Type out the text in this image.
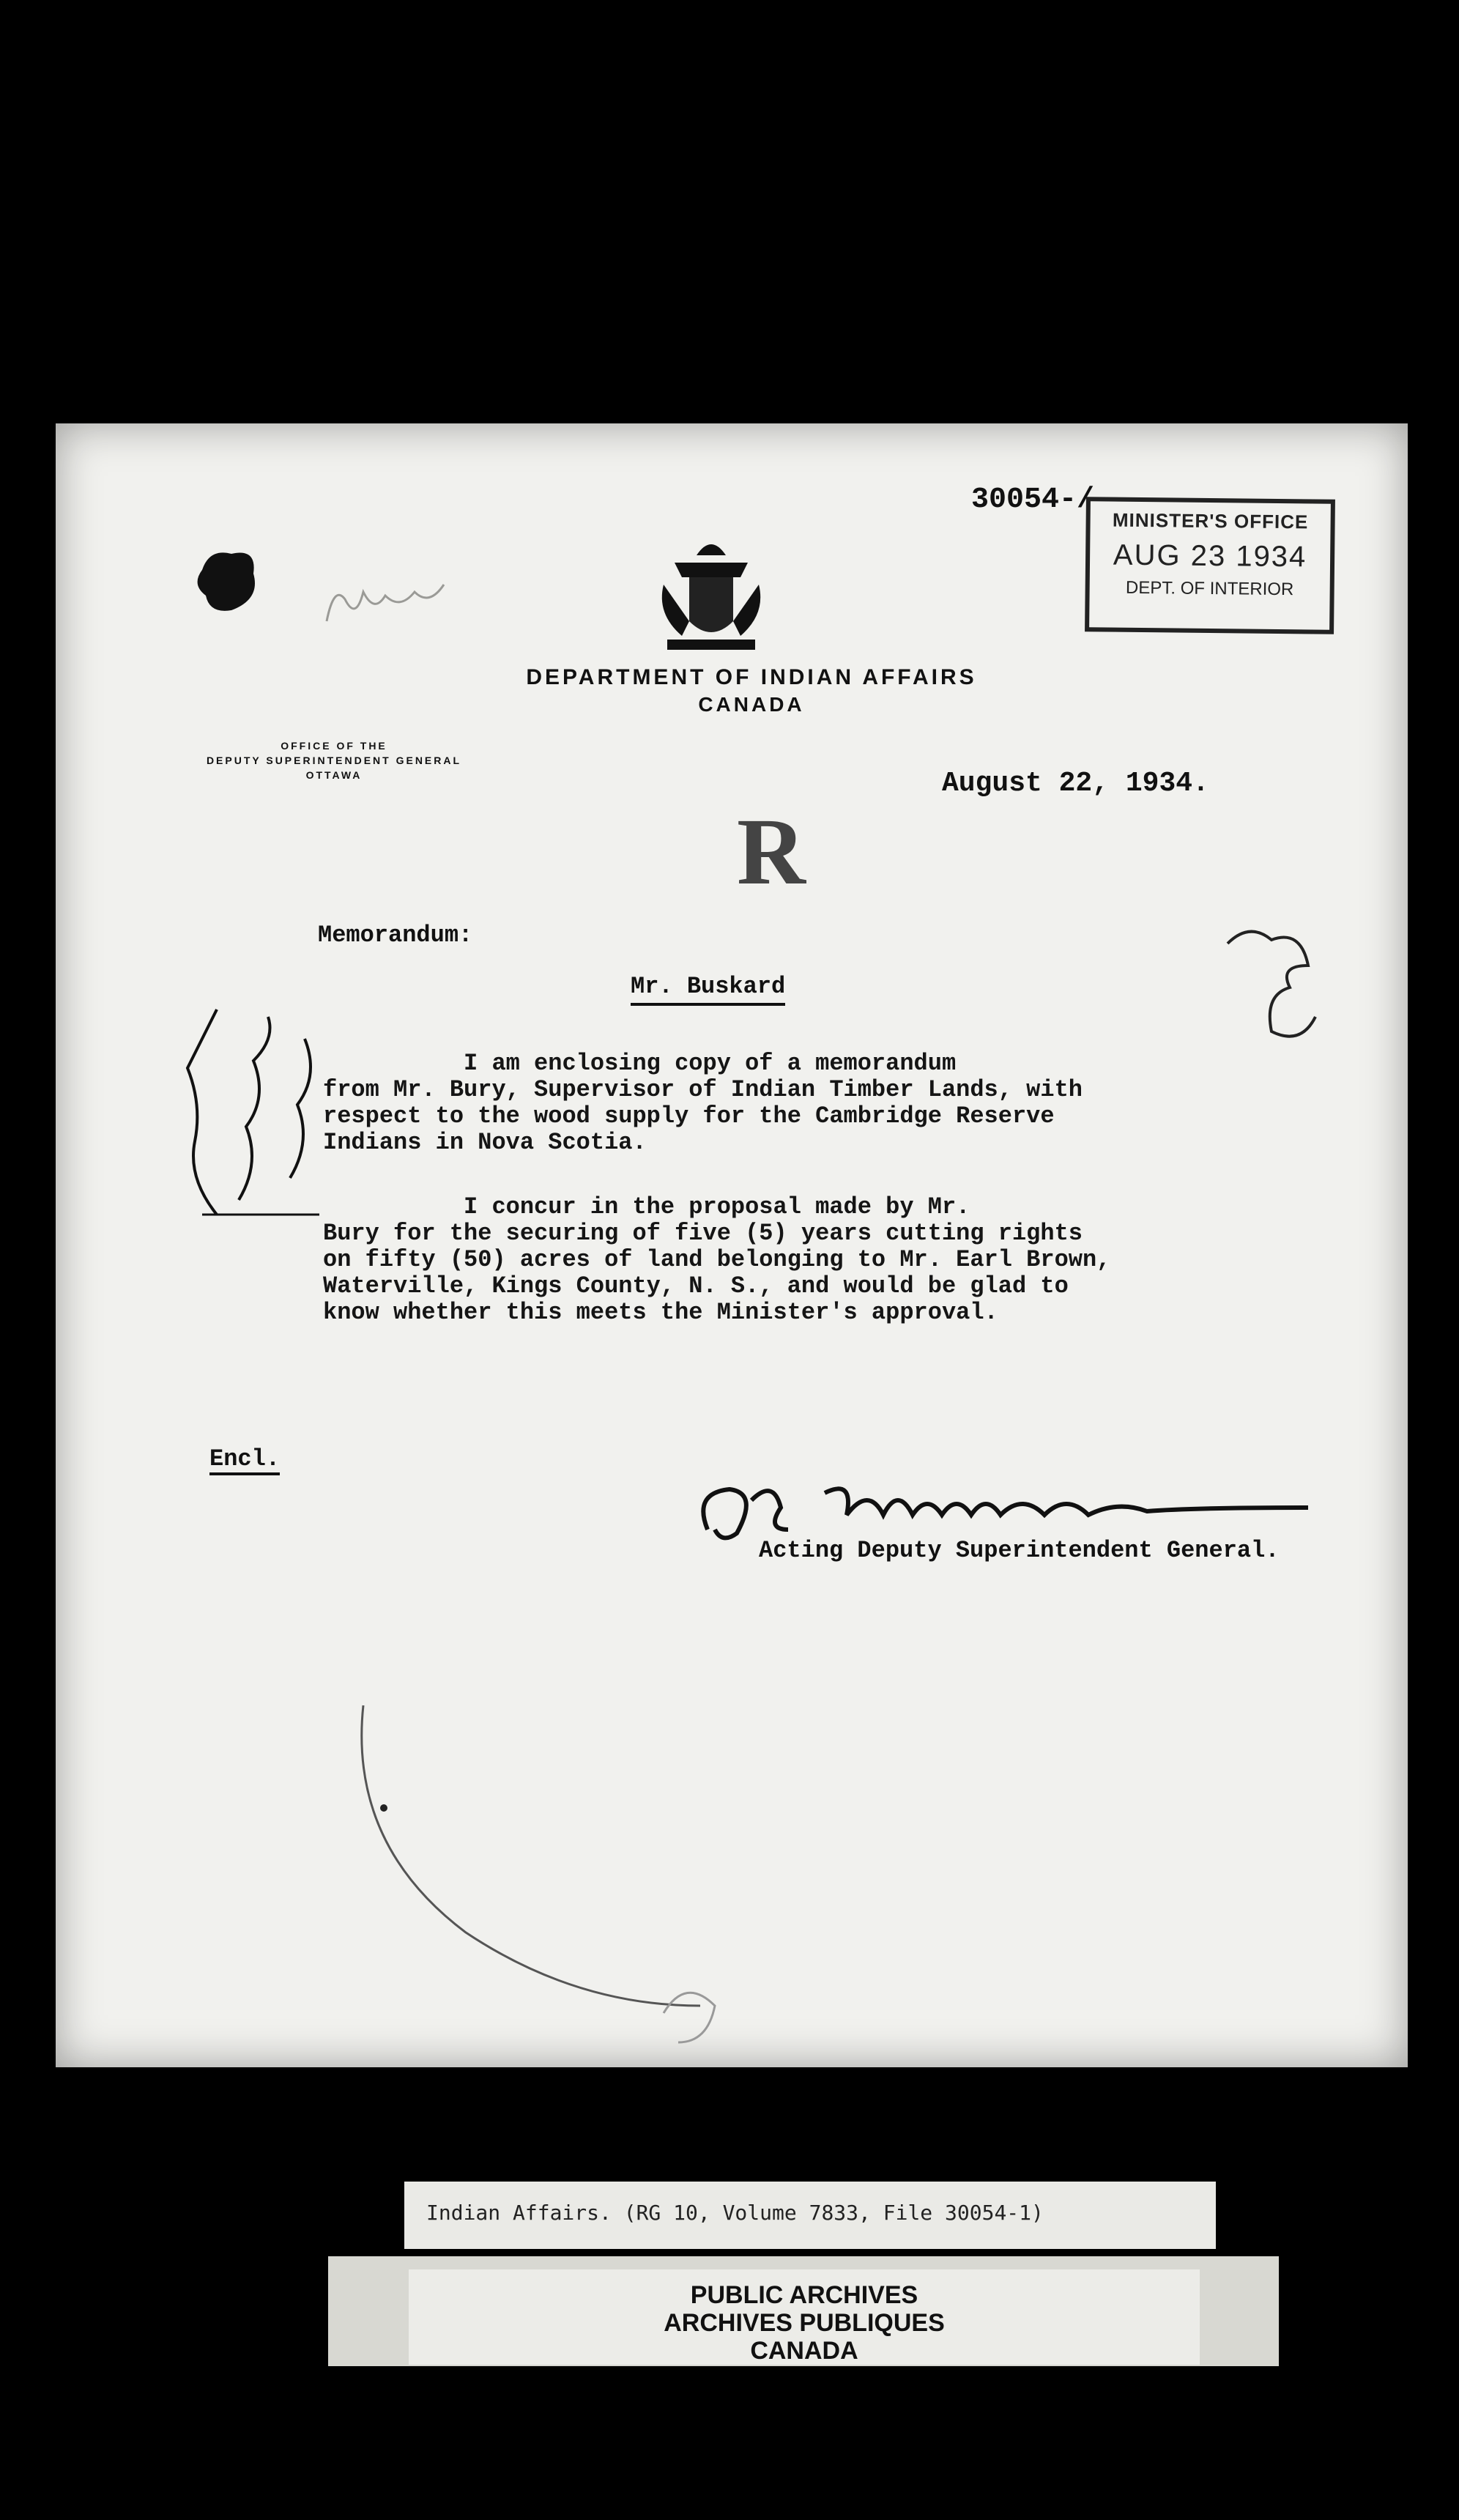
30054-/
MINISTER'S OFFICE
AUG 23 1934
DEPT. OF INTERIOR
DEPARTMENT OF INDIAN AFFAIRS
CANADA
OFFICE OF THE
DEPUTY SUPERINTENDENT GENERAL
OTTAWA	August 22, 1934.
R
Memorandum:
Mr. Buskard
I am enclosing copy of a memorandum
from Mr. Bury, Supervisor of Indian Timber Lands, with
respect to the wood supply for the Cambridge Reserve
Indians in Nova Scotia.
I concur in the proposal made by Mr.
Bury for the securing of five (5) years cutting rights
on fifty (50) acres of land belonging to Mr. Earl Brown,
Waterville, Kings County, N. S., and would be glad to
know whether this meets the Minister's approval.
Encl.
Acting Deputy Superintendent General.
Indian Affairs. (RG 10, Volume 7833, File 30054-1)
PUBLIC ARCHIVES
ARCHIVES PUBLIQUES
CANADA
